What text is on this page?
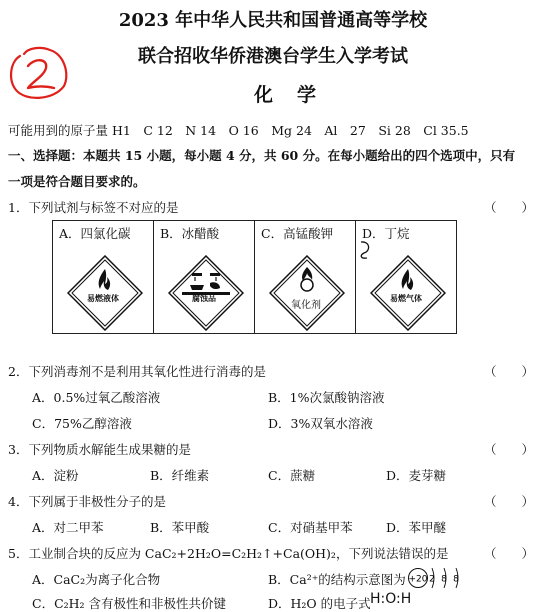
2023 年中华人民共和国普通高等学校
联合招收华侨港澳台学生入学考试
化学
可能用到的原子量 H1　C 12　N 14　O 16　Mg 24　Al　27　Si 28　Cl 35.5
一、选择题：本题共 15 小题，每小题 4 分，共 60 分。在每小题给出的四个选项中，只有
一项是符合题目要求的。
1．下列试剂与标签不对应的是	（　　）
A．四氯化碳
易燃液体

B．冰醋酸
腐蚀品

C．高锰酸钾
氧化剂

D．丁烷
易燃气体
2．下列消毒剂不是利用其氧化性进行消毒的是	（　　）
A．0.5%过氧乙酸溶液	B．1%次氯酸钠溶液
C．75%乙醇溶液	D．3%双氧水溶液
3．下列物质水解能生成果糖的是	（　　）
A．淀粉	B．纤维素	C．蔗糖	D．麦芽糖
4．下列属于非极性分子的是	（　　）
A．对二甲苯	B．苯甲酸	C．对硝基甲苯	D．苯甲醚
5．工业制合块的反应为 CaC₂+2H₂O=C₂H₂↑+Ca(OH)₂，下列说法错误的是	（　　）
A．CaC₂为离子化合物	B．Ca²⁺的结构示意图为 +20 2 8 8
C．C₂H₂ 含有极性和非极性共价键	D．H₂O 的电子式 H:O:H
